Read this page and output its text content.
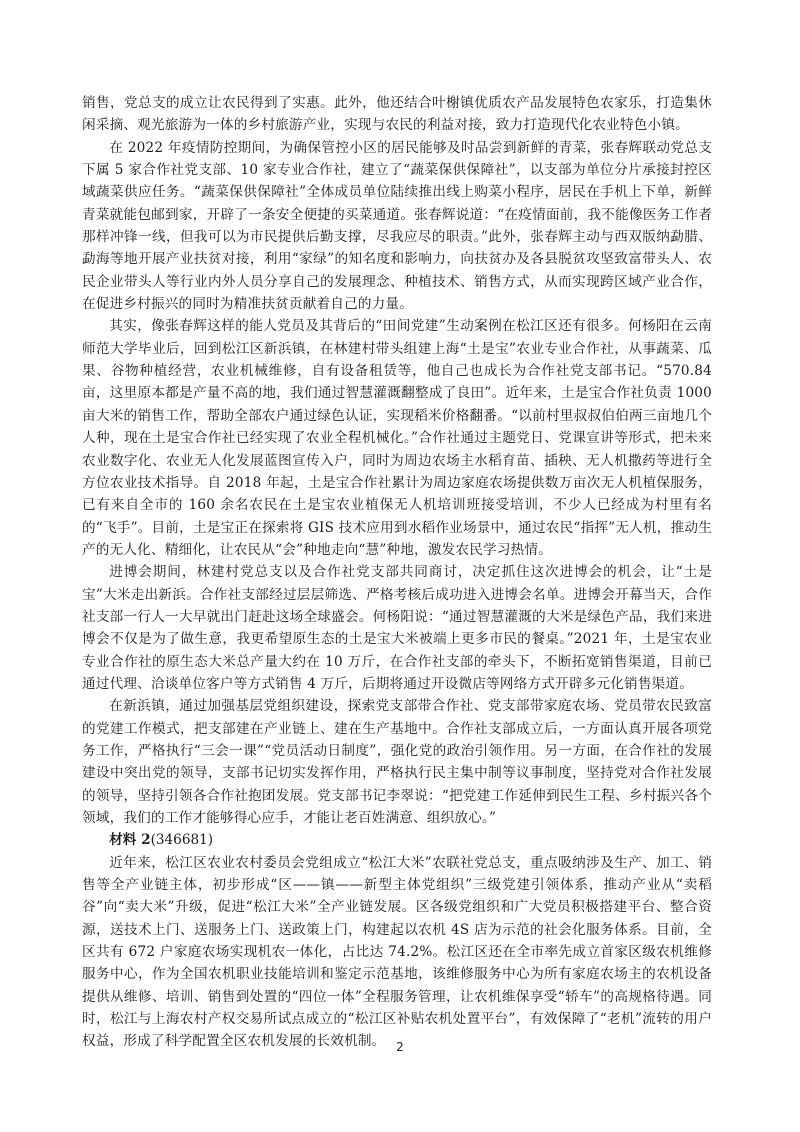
销售，党总支的成立让农民得到了实惠。此外，他还结合叶榭镇优质农产品发展特色农家乐，打造集休闲采摘、观光旅游为一体的乡村旅游产业，实现与农民的利益对接，致力打造现代化农业特色小镇。

在 2022 年疫情防控期间，为确保管控小区的居民能够及时品尝到新鲜的青菜，张春辉联动党总支下属 5 家合作社党支部、10 家专业合作社，建立了“蔬菜保供保障社”，以支部为单位分片承接封控区域蔬菜供应任务。“蔬菜保供保障社”全体成员单位陆续推出线上购菜小程序，居民在手机上下单，新鲜青菜就能包邮到家，开辟了一条安全便捷的买菜通道。张春辉说道：“在疫情面前，我不能像医务工作者那样冲锋一线，但我可以为市民提供后勤支撑，尽我应尽的职责。”此外，张春辉主动与西双版纳勐腊、勐海等地开展产业扶贫对接，利用“家绿”的知名度和影响力，向扶贫办及各县脱贫攻坚致富带头人、农民企业带头人等行业内外人员分享自己的发展理念、种植技术、销售方式，从而实现跨区域产业合作，在促进乡村振兴的同时为精准扶贫贡献着自己的力量。

其实，像张春辉这样的能人党员及其背后的“田间党建”生动案例在松江区还有很多。何杨阳在云南师范大学毕业后，回到松江区新浜镇，在林建村带头组建上海“土是宝”农业专业合作社，从事蔬菜、瓜果、谷物种植经营，农业机械维修，自有设备租赁等，他自己也成长为合作社党支部书记。“570.84 亩，这里原本都是产量不高的地，我们通过智慧灌溉翻整成了良田”。近年来，土是宝合作社负责 1000 亩大米的销售工作，帮助全部农户通过绿色认证，实现稻米价格翻番。“以前村里叔叔伯伯两三亩地几个人种，现在土是宝合作社已经实现了农业全程机械化。”合作社通过主题党日、党课宣讲等形式，把未来农业数字化、农业无人化发展蓝图宣传入户，同时为周边农场主水稻育苗、插秧、无人机撒药等进行全方位农业技术指导。自 2018 年起，土是宝合作社累计为周边家庭农场提供数万亩次无人机植保服务，已有来自全市的 160 余名农民在土是宝农业植保无人机培训班接受培训，不少人已经成为村里有名的“飞手”。目前，土是宝正在探索将 GIS 技术应用到水稻作业场景中，通过农民“指挥”无人机，推动生产的无人化、精细化，让农民从“会”种地走向“慧”种地，激发农民学习热情。

进博会期间，林建村党总支以及合作社党支部共同商讨，决定抓住这次进博会的机会，让“土是宝”大米走出新浜。合作社支部经过层层筛选、严格考核后成功进入进博会名单。进博会开幕当天，合作社支部一行人一大早就出门赶赴这场全球盛会。何杨阳说：“通过智慧灌溉的大米是绿色产品，我们来进博会不仅是为了做生意，我更希望原生态的土是宝大米被端上更多市民的餐桌。”2021 年，土是宝农业专业合作社的原生态大米总产量大约在 10 万斤，在合作社支部的牵头下，不断拓宽销售渠道，目前已通过代理、洽谈单位客户等方式销售 4 万斤，后期将通过开设微店等网络方式开辟多元化销售渠道。

在新浜镇，通过加强基层党组织建设，探索党支部带合作社、党支部带家庭农场、党员带农民致富的党建工作模式，把支部建在产业链上、建在生产基地中。合作社支部成立后，一方面认真开展各项党务工作，严格执行“三会一课”“党员活动日制度”，强化党的政治引领作用。另一方面，在合作社的发展建设中突出党的领导，支部书记切实发挥作用，严格执行民主集中制等议事制度，坚持党对合作社发展的领导，坚持引领各合作社抱团发展。党支部书记李翠说：“把党建工作延伸到民生工程、乡村振兴各个领域，我们的工作才能够得心应手，才能让老百姓满意、组织放心。”

材料 2(346681)

近年来，松江区农业农村委员会党组成立“松江大米”农联社党总支，重点吸纳涉及生产、加工、销售等全产业链主体，初步形成“区——镇——新型主体党组织”三级党建引领体系，推动产业从“卖稻谷”向“卖大米”升级，促进“松江大米”全产业链发展。区各级党组织和广大党员积极搭建平台、整合资源，送技术上门、送服务上门、送政策上门，构建起以农机 4S 店为示范的社会化服务体系。目前，全区共有 672 户家庭农场实现机农一体化，占比达 74.2%。松江区还在全市率先成立首家区级农机维修服务中心，作为全国农机职业技能培训和鉴定示范基地，该维修服务中心为所有家庭农场主的农机设备提供从维修、培训、销售到处置的“四位一体”全程服务管理，让农机维保享受“轿车”的高规格待遇。同时，松江与上海农村产权交易所试点成立的“松江区补贴农机处置平台”，有效保障了“老机”流转的用户权益，形成了科学配置全区农机发展的长效机制。 2
